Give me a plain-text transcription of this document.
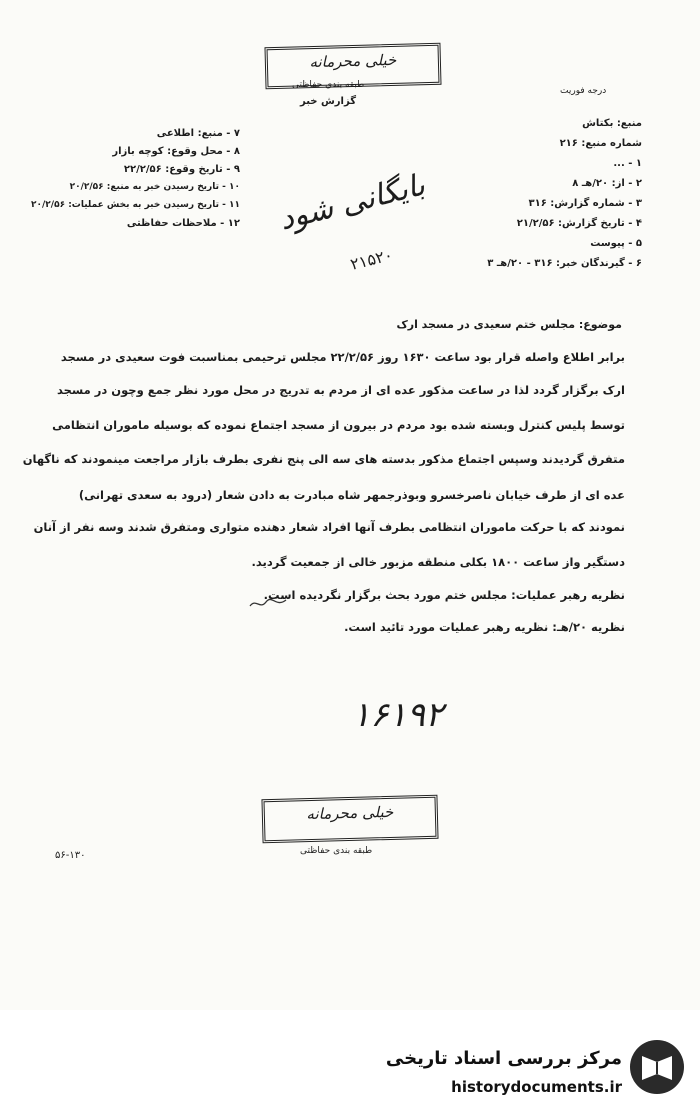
خیلی محرمانه
طبقه بندی حفاظتی
گزارش خبر
درجه فوریت
منبع: بکتاش
شماره منبع: ۲۱۶
۱ - ...
۲ - از: ۲۰/هـ ۸
۳ - شماره گزارش: ۳۱۶
۴ - تاریخ گزارش: ۲۱/۲/۵۶
۵ - پیوست
۶ - گیرندگان خبر: ۳۱۶ - ۲۰/هـ ۳
۷ - منبع: اطلاعی
۸ - محل وقوع: کوچه بازار
۹ - تاریخ وقوع: ۲۲/۲/۵۶
۱۰ - تاریخ رسیدن خبر به منبع: ۲۰/۲/۵۶
۱۱ - تاریخ رسیدن خبر به بخش عملیات: ۲۰/۲/۵۶
۱۲ - ملاحظات حفاظتی بایگانی شود
۲۱۵۲۰
موضوع: مجلس ختم سعیدی در مسجد ارک
برابر اطلاع واصله قرار بود ساعت ۱۶۳۰ روز ۲۲/۲/۵۶ مجلس ترحیمی بمناسبت فوت سعیدی در مسجد
ارک برگزار گردد لذا در ساعت مذکور عده ای از مردم به تدریج در محل مورد نظر جمع وچون در مسجد
توسط پلیس کنترل وبسته شده بود مردم در بیرون از مسجد اجتماع نموده که بوسیله ماموران انتظامی
متفرق گردیدند وسپس اجتماع مذکور بدسته های سه الی پنج نفری بطرف بازار مراجعت مینمودند که ناگهان
عده ای از طرف خیابان ناصرخسرو وبوذرجمهر شاه مبادرت به دادن شعار (درود به سعدی تهرانی)
نمودند که با حرکت ماموران انتظامی بطرف آنها افراد شعار دهنده متواری ومتفرق شدند وسه نفر از آنان
دستگیر واز ساعت ۱۸۰۰ بکلی منطقه مزبور خالی از جمعیت گردید.
نظریه رهبر عملیات: مجلس ختم مورد بحث برگزار نگردیده است.
نظریه ۲۰/هـ: نظریه رهبر عملیات مورد تائید است.
۱۶۱۹۲
خیلی محرمانه
طبقه بندی حفاظتی
۵۶-۱۳۰
مرکز بررسی اسناد تاریخی
historydocuments.ir
